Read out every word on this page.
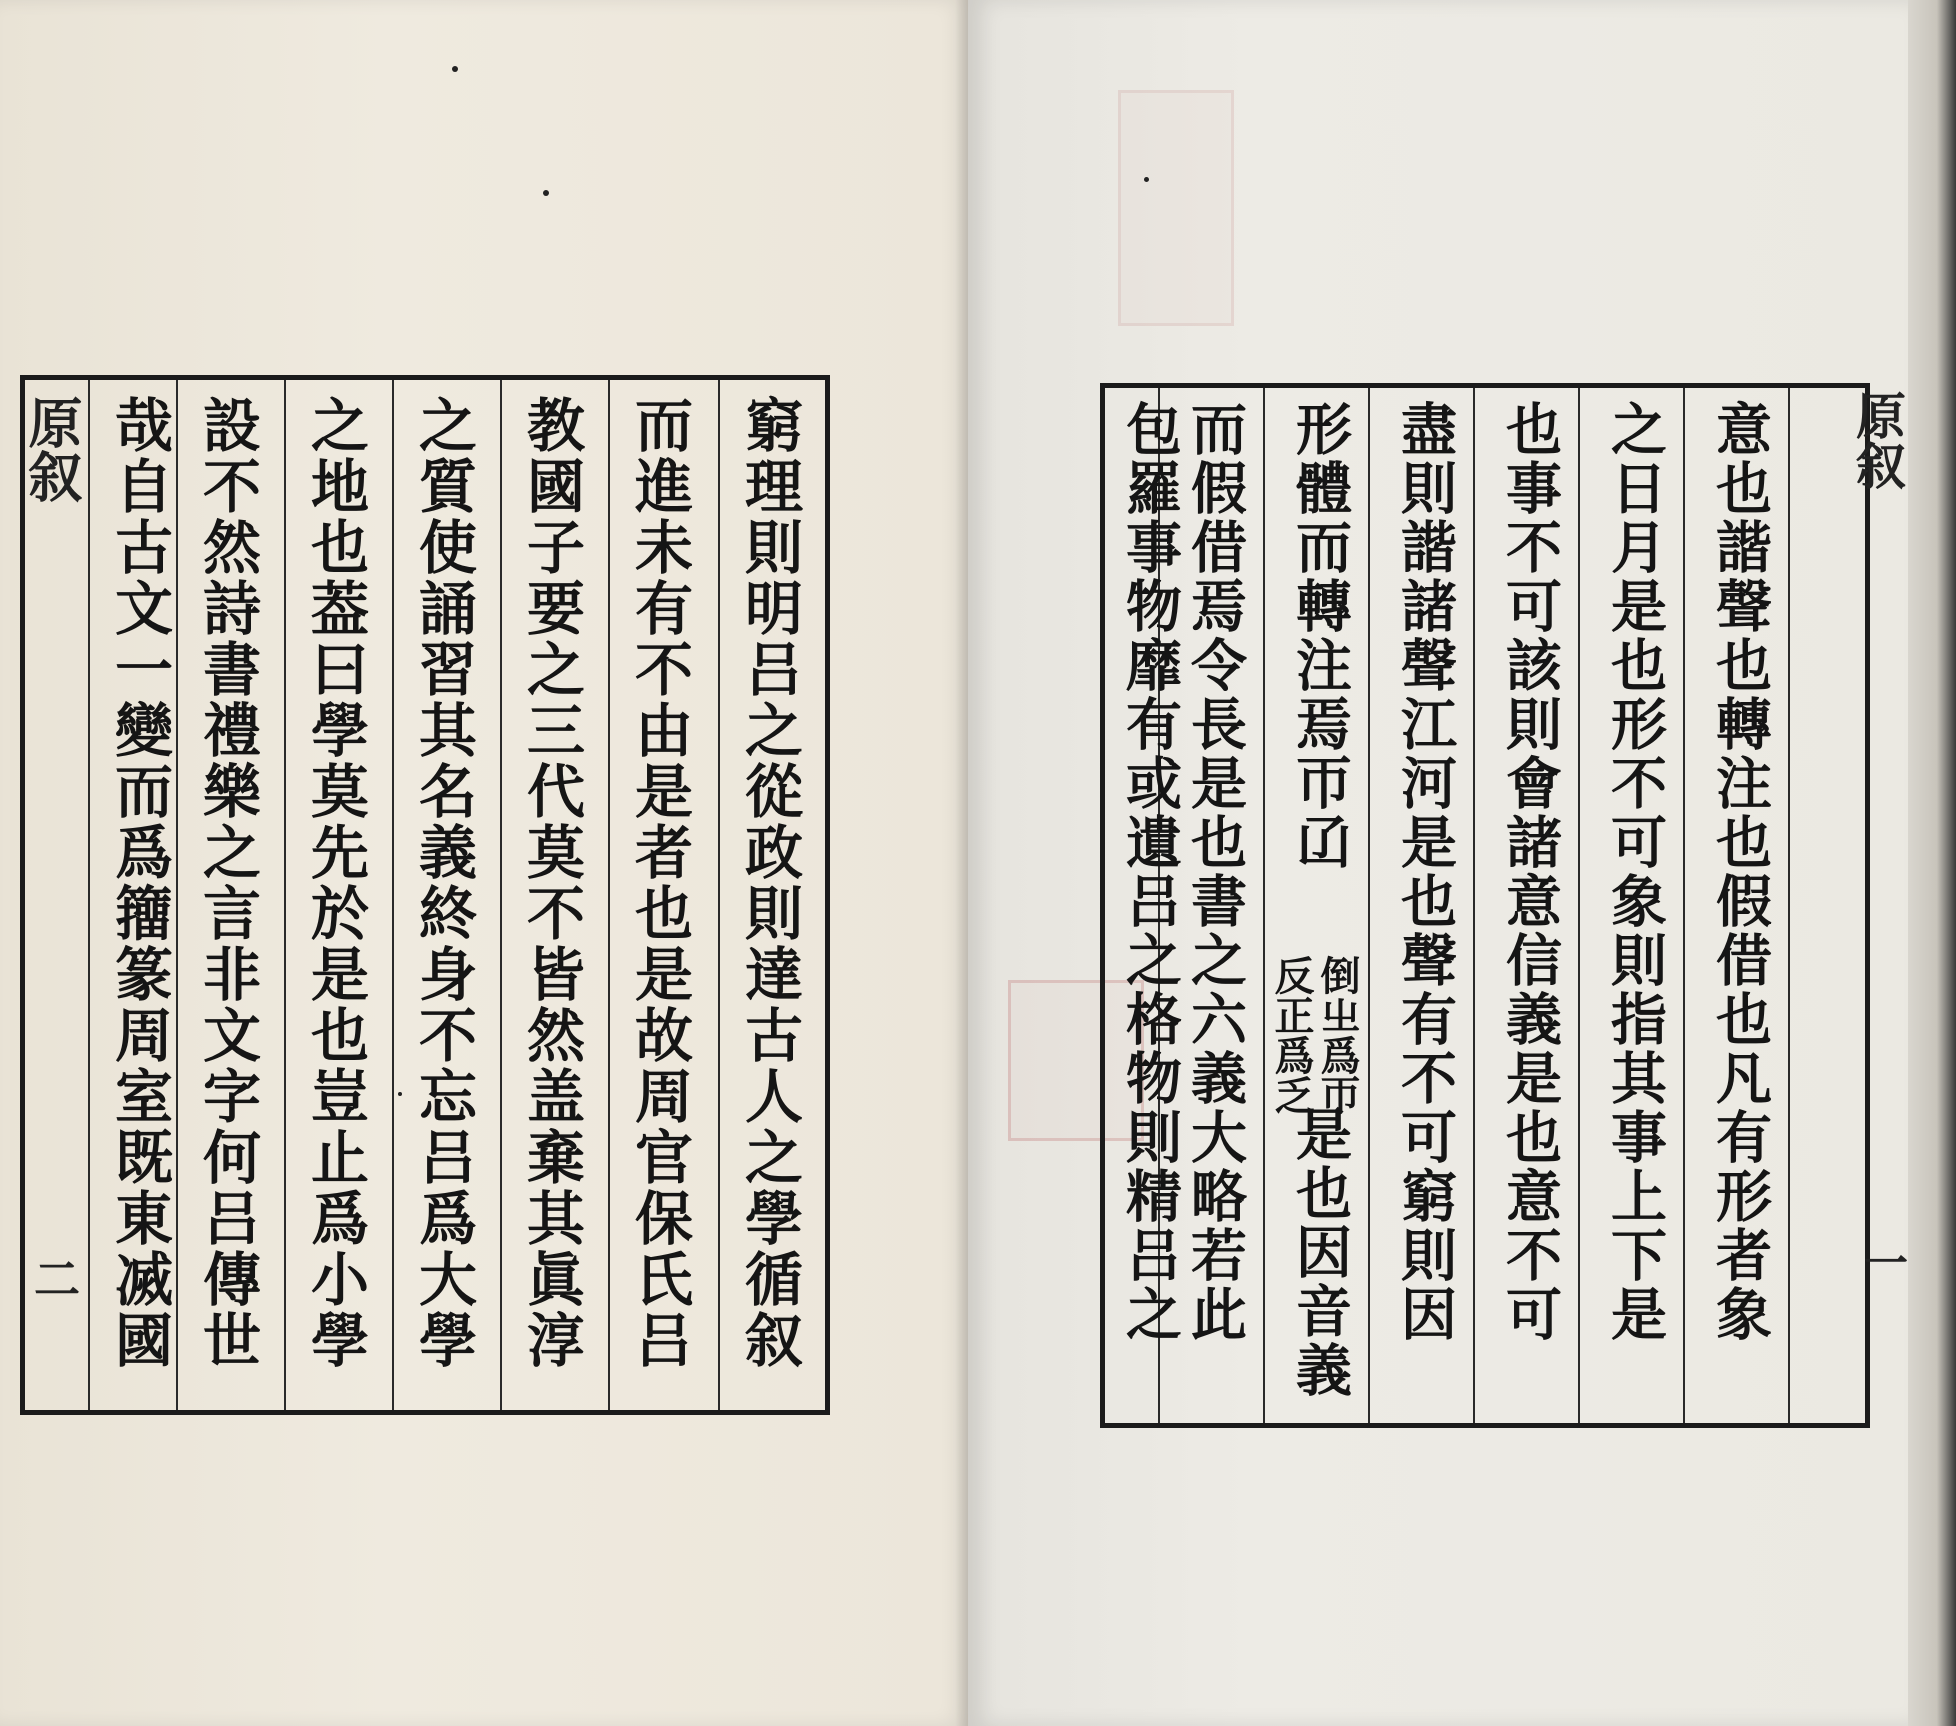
窮理則明吕之從政則達古人之學循叙
而進未有不由是者也是故周官保氏吕
教國子要之三代莫不皆然盖棄其眞淳
之質使誦習其名義終身不忘吕爲大學
之地也葢曰學莫先於是也豈止爲小學
設不然詩書禮樂之言非文字何吕傳世
哉自古文一變而爲籒篆周室既東㓕國
原叙
二	意也諧聲也轉注也假借也凡有形者象
之日月是也形不可象則指其事上下是
也事不可該則會諸意信義是也意不可
盡則諧諸聲江河是也聲有不可窮則因
形體而轉注焉帀𠙶
倒㞢爲帀
反正爲乏
是也因音義
而假借焉令長是也書之六義大略若此
包羅事物靡有或遺吕之格物則精吕之	原叙
一
